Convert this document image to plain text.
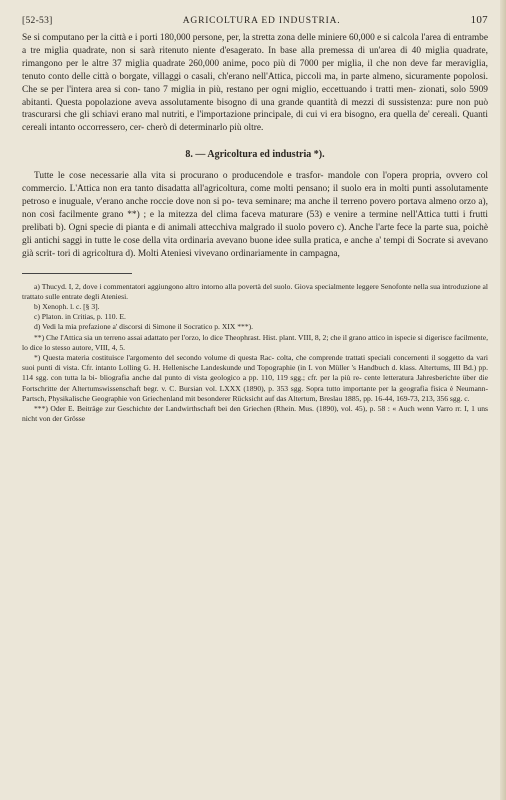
[52-53]	AGRICOLTURA ED INDUSTRIA.	107

Se si computano per la città e i porti 180,000 persone, per, la stretta zona delle miniere 60,000 e si calcola l'area di entrambe a tre miglia quadrate, non si sarà ritenuto niente d'esagerato. In base alla premessa di un'area di 40 miglia quadrate, rimangono per le altre 37 miglia quadrate 260,000 anime, poco più di 7000 per miglia, il che non deve far meraviglia, tenuto conto delle città o borgate, villaggi o casali, ch'erano nell'Attica, piccoli ma, in parte almeno, sicuramente popolosi. Che se per l'intera area si con- tano 7 miglia in più, restano per ogni miglio, eccettuando i tratti men- zionati, solo 5909 abitanti. Questa popolazione aveva assolutamente bisogno di una grande quantità di mezzi di sussistenza: pure non può trascurarsi che gli schiavi erano mal nutriti, e l'importazione principale, di cui vi era bisogno, era quella de' cereali. Quanti cereali intanto occorressero, cer- cherò di determinarlo più oltre.

8. — Agricoltura ed industria *).

Tutte le cose necessarie alla vita si procurano o producendole e trasfor- mandole con l'opera propria, ovvero col commercio. L'Attica non era tanto disadatta all'agricoltura, come molti pensano; il suolo era in molti punti assolutamente petroso e inuguale, v'erano anche roccie dove non si po- teva seminare; ma anche il terreno povero portava almeno orzo a), non così facilmente grano **) ; e la mitezza del clima faceva maturare (53) e venire a termine nell'Attica tutti i frutti prelibati b). Ogni specie di pianta e di animali attecchiva malgrado il suolo povero c). Anche l'arte fece la parte sua, poichè gli antichi saggi in tutte le cose della vita ordinaria avevano buone idee sulla pratica, e anche a' tempi di Socrate si avevano già scrit- tori di agricoltura d). Molti Ateniesi vivevano ordinariamente in campagna,

a) Thucyd. I, 2, dove i commentatori aggiungono altro intorno alla povertà del suolo. Giova specialmente leggere Senofonte nella sua introduzione al trattato sulle entrate degli Ateniesi.

b) Xenoph. l. c. [§ 3].

c) Platon. in Critias, p. 110. E.

d) Vedi la mia prefazione a' discorsi di Simone il Socratico p. XIX ***).

**) Che l'Attica sia un terreno assai adattato per l'orzo, lo dice Theophrast. Hist. plant. VIII, 8, 2; che il grano attico in ispecie si digerisce facilmente, lo dice lo stesso autore, VIII, 4, 5.

*) Questa materia costituisce l'argomento del secondo volume di questa Rac- colta, che comprende trattati speciali concernenti il soggetto da vari suoi punti di vista. Cfr. intanto Lolling G. H. Hellenische Landeskunde und Topographie (in I. von Müller 's Handbuch d. klass. Altertums, III Bd.) pp. 114 sgg. con tutta la bi- bliografia anche dal punto di vista geologico a pp. 110, 119 sgg.; cfr. per la più re- cente letteratura Jahresberichte über die Fortschritte der Altertumswissenschaft begr. v. C. Bursian vol. LXXX (1890), p. 353 sgg. Sopra tutto importante per la geografia fisica è Neumann-Partsch, Physikalische Geographie von Griechenland mit besonderer Rücksicht auf das Altertum, Breslau 1885, pp. 16-44, 169-73, 213, 356 sgg. c.

***) Oder E. Beiträge zur Geschichte der Landwirthschaft bei den Griechen (Rhein. Mus. (1890), vol. 45), p. 58 : « Auch wenn Varro rr. I, 1 uns nicht von der Grösse
